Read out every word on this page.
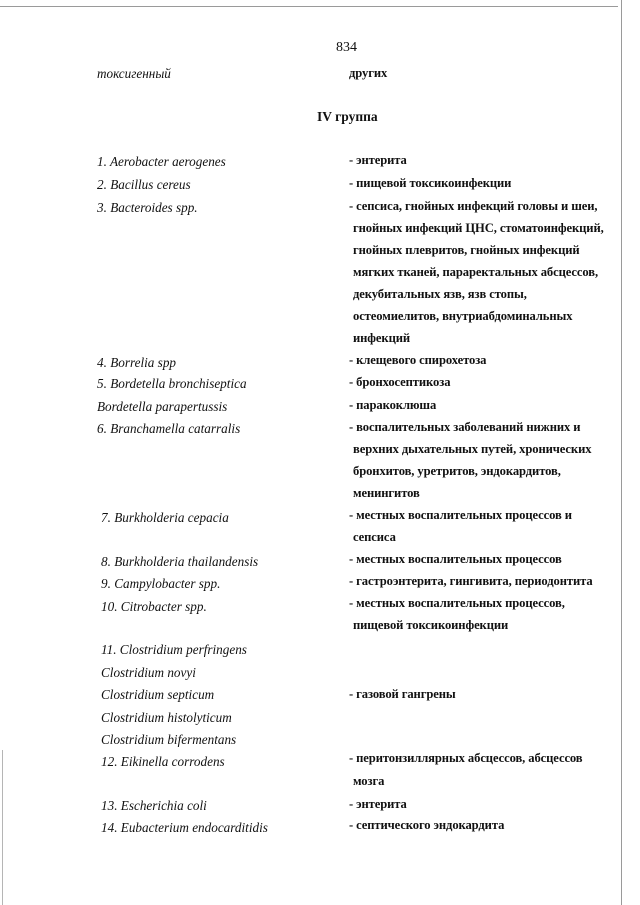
834
токсигенный	других
IV группа
1. Aerobacter aerogenes
2. Bacillus cereus
3. Bacteroides spp.
4. Borrelia spp
5. Bordetella bronchiseptica
Bordetella parapertussis
6. Branchamella catarralis
7. Burkholderia cepacia
8. Burkholderia thailandensis
9. Campylobacter spp.
10. Citrobacter spp.
11. Clostridium perfringens
Clostridium novyi
Clostridium septicum
Clostridium histolyticum
Clostridium bifermentans
12. Eikinella corrodens
13. Escherichia coli
14. Eubacterium endocarditidis
- энтерита
- пищевой токсикоинфекции
- сепсиса, гнойных инфекций головы и шеи,
гнойных инфекций ЦНС, стоматоинфекций,
гнойных плевритов, гнойных инфекций
мягких тканей, параректальных абсцессов,
декубитальных язв, язв стопы,
остеомиелитов, внутриабдоминальных
инфекций
- клещевого спирохетоза
- бронхосептикоза
- паракоклюша
- воспалительных заболеваний нижних и
верхних дыхательных путей, хронических
бронхитов, уретритов, эндокардитов,
менингитов
- местных воспалительных процессов и
сепсиса
- местных воспалительных процессов
- гастроэнтерита, гингивита, периодонтита
- местных воспалительных процессов,
пищевой токсикоинфекции
- газовой гангрены
- перитонзиллярных абсцессов, абсцессов
мозга
- энтерита
- септического эндокардита
